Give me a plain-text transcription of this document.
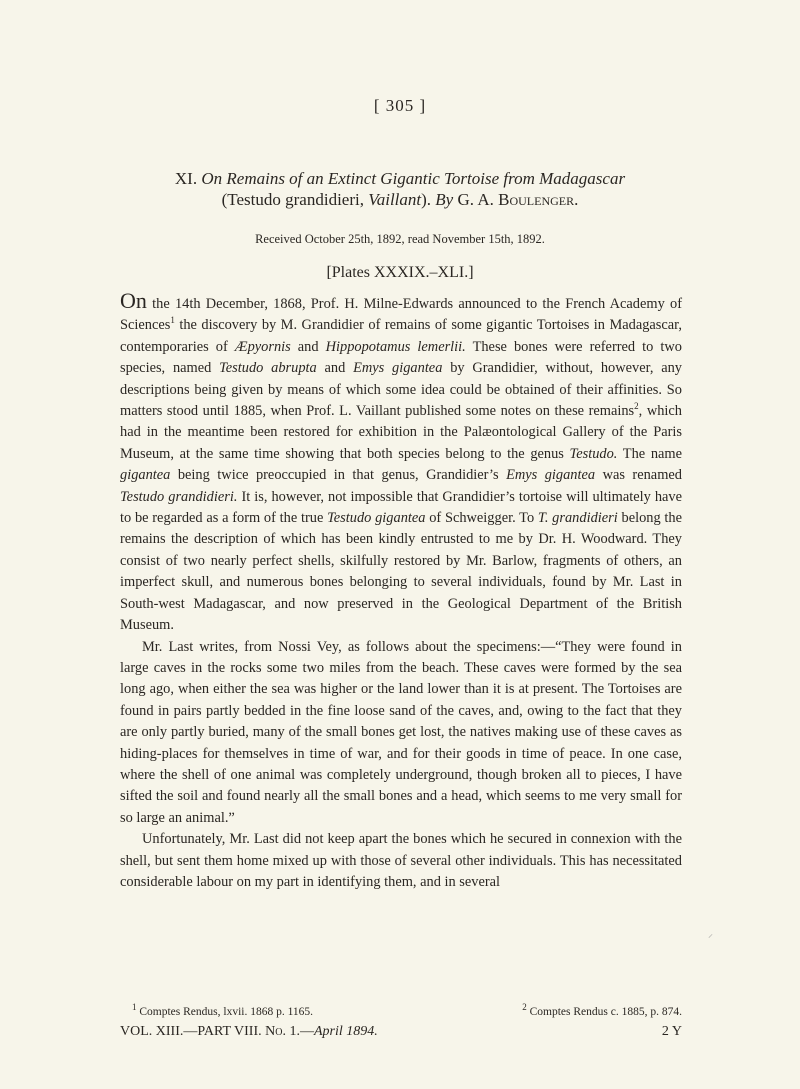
[ 305 ]
XI. On Remains of an Extinct Gigantic Tortoise from Madagascar
(Testudo grandidieri, Vaillant). By G. A. Boulenger.
Received October 25th, 1892, read November 15th, 1892.
[Plates XXXIX.–XLI.]

On the 14th December, 1868, Prof. H. Milne-Edwards announced to the French Academy of Sciences$^1$ the discovery by M. Grandidier of remains of some gigantic Tortoises in Madagascar, contemporaries of Æpyornis and Hippopotamus lemerlii. These bones were referred to two species, named Testudo abrupta and Emys gigantea by Grandidier, without, however, any descriptions being given by means of which some idea could be obtained of their affinities. So matters stood until 1885, when Prof. L. Vaillant published some notes on these remains$^2$, which had in the meantime been restored for exhibition in the Palæontological Gallery of the Paris Museum, at the same time showing that both species belong to the genus Testudo. The name gigantea being twice preoccupied in that genus, Grandidier’s Emys gigantea was renamed Testudo grandidieri. It is, however, not impossible that Grandidier’s tortoise will ultimately have to be regarded as a form of the true Testudo gigantea of Schweigger. To T. grandidieri belong the remains the description of which has been kindly entrusted to me by Dr. H. Woodward. They consist of two nearly perfect shells, skilfully restored by Mr. Barlow, fragments of others, an imperfect skull, and numerous bones belonging to several individuals, found by Mr. Last in South-west Madagascar, and now preserved in the Geological Department of the British Museum.

Mr. Last writes, from Nossi Vey, as follows about the specimens:—“They were found in large caves in the rocks some two miles from the beach. These caves were formed by the sea long ago, when either the sea was higher or the land lower than it is at present. The Tortoises are found in pairs partly bedded in the fine loose sand of the caves, and, owing to the fact that they are only partly buried, many of the small bones get lost, the natives making use of these caves as hiding-places for themselves in time of war, and for their goods in time of peace. In one case, where the shell of one animal was completely underground, though broken all to pieces, I have sifted the soil and found nearly all the small bones and a head, which seems to me very small for so large an animal.”

Unfortunately, Mr. Last did not keep apart the bones which he secured in connexion with the shell, but sent them home mixed up with those of several other individuals. This has necessitated considerable labour on my part in identifying them, and in several

⸝
$^1$ Comptes Rendus, lxvii. 1868 p. 1165.	$^2$ Comptes Rendus c. 1885, p. 874.
VOL. XIII.—PART VIII. No. 1.—April 1894.	2 Y
